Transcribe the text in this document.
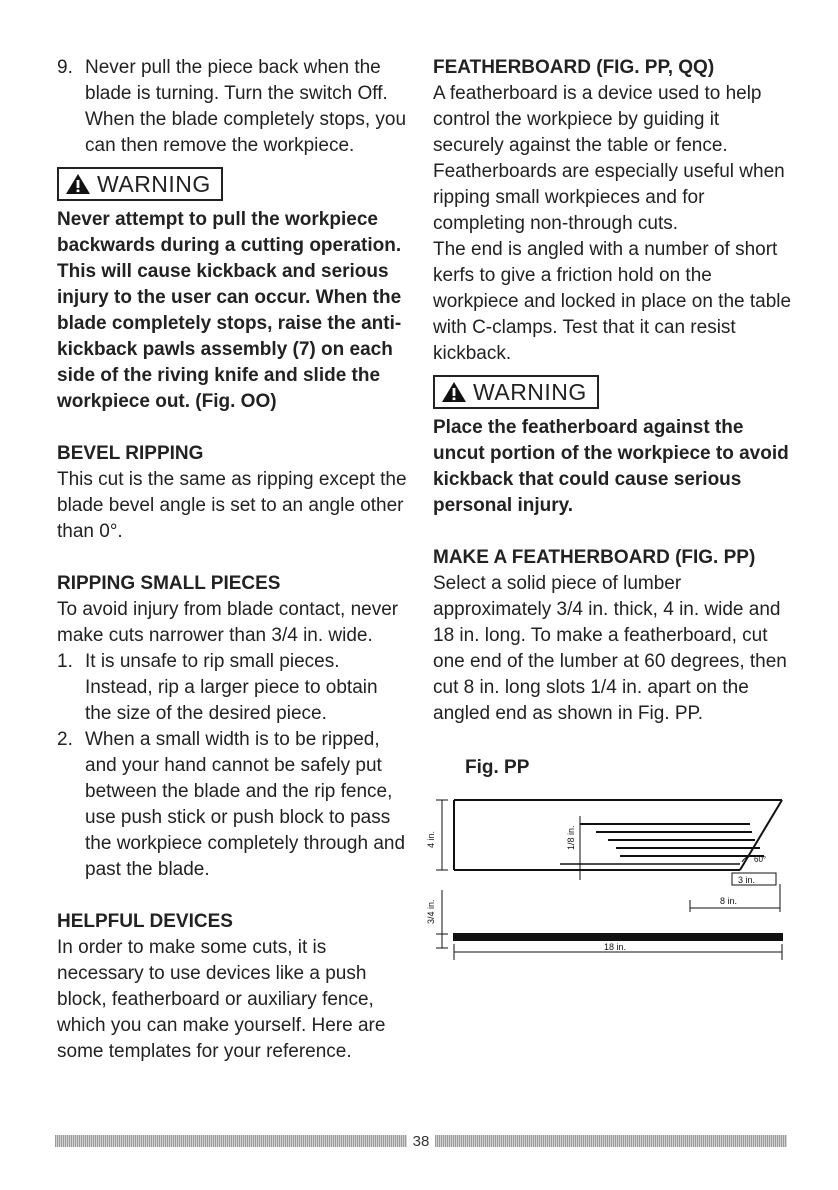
9. Never pull the piece back when the blade is turning. Turn the switch Off. When the blade completely stops, you can then remove the workpiece.
WARNING

Never attempt to pull the workpiece backwards during a cutting operation. This will cause kickback and serious injury to the user can occur. When the blade completely stops, raise the anti-kickback pawls assembly (7) on each side of the riving knife and slide the workpiece out. (Fig. OO)

BEVEL RIPPING

This cut is the same as ripping except the blade bevel angle is set to an angle other than 0°.

RIPPING SMALL PIECES

To avoid injury from blade contact, never make cuts narrower than 3/4 in. wide.

1. It is unsafe to rip small pieces. Instead, rip a larger piece to obtain the size of the desired piece.
2. When a small width is to be ripped, and your hand cannot be safely put between the blade and the rip fence, use push stick or push block to pass the workpiece completely through and past the blade.

HELPFUL DEVICES

In order to make some cuts, it is necessary to use devices like a push block, featherboard or auxiliary fence, which you can make yourself. Here are some templates for your reference.

FEATHERBOARD (FIG. PP, QQ)

A featherboard is a device used to help control the workpiece by guiding it securely against the table or fence. Featherboards are especially useful when ripping small workpieces and for completing non-through cuts.

The end is angled with a number of short kerfs to give a friction hold on the workpiece and locked in place on the table with C-clamps. Test that it can resist kickback.

WARNING

Place the featherboard against the uncut portion of the workpiece to avoid kickback that could cause serious personal injury.

MAKE A FEATHERBOARD (FIG. PP)

Select a solid piece of lumber approximately 3/4 in. thick, 4 in. wide and 18 in. long. To make a featherboard, cut one end of the lumber at 60 degrees, then cut 8 in. long slots 1/4 in. apart on the angled end as shown in Fig. PP.

Fig. PP

4 in.	1/8 in.
60°
3 in.
8 in.
3/4 in.
18 in.
38
